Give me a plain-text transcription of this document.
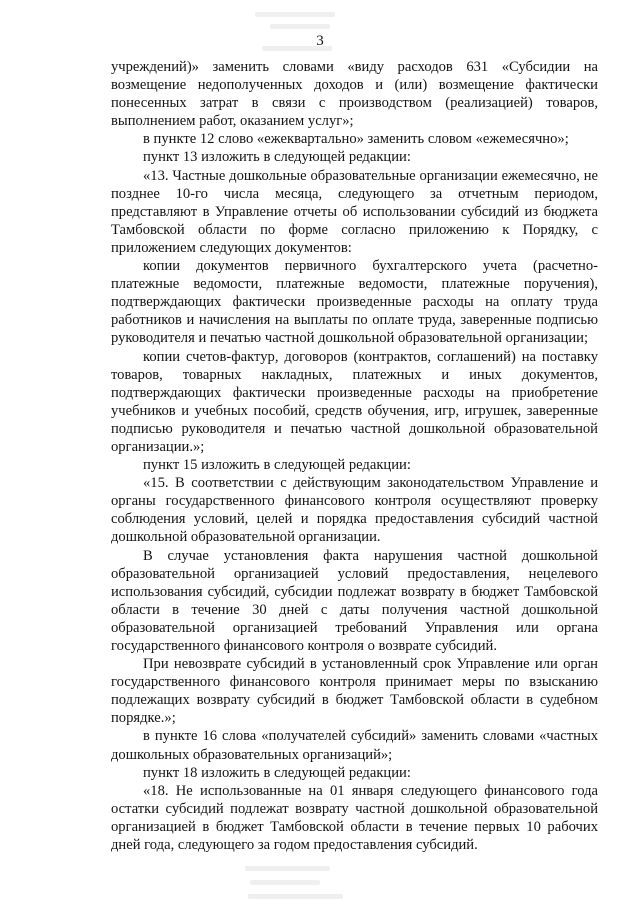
3

учреждений)» заменить словами «виду расходов 631 «Субсидии на возмещение недополученных доходов и (или) возмещение фактически понесенных затрат в связи с производством (реализацией) товаров, выполнением работ, оказанием услуг»;

в пункте 12 слово «ежеквартально» заменить словом «ежемесячно»;

пункт 13 изложить в следующей редакции:

«13. Частные дошкольные образовательные организации ежемесячно, не позднее 10-го числа месяца, следующего за отчетным периодом, представляют в Управление отчеты об использовании субсидий из бюджета Тамбовской области по форме согласно приложению к Порядку, с приложением следующих документов:

копии документов первичного бухгалтерского учета (расчетно-платежные ведомости, платежные ведомости, платежные поручения), подтверждающих фактически произведенные расходы на оплату труда работников и начисления на выплаты по оплате труда, заверенные подписью руководителя и печатью частной дошкольной образовательной организации;

копии счетов-фактур, договоров (контрактов, соглашений) на поставку товаров, товарных накладных, платежных и иных документов, подтверждающих фактически произведенные расходы на приобретение учебников и учебных пособий, средств обучения, игр, игрушек, заверенные подписью руководителя и печатью частной дошкольной образовательной организации.»;

пункт 15 изложить в следующей редакции:

«15. В соответствии с действующим законодательством Управление и органы государственного финансового контроля осуществляют проверку соблюдения условий, целей и порядка предоставления субсидий частной дошкольной образовательной организации.

В случае установления факта нарушения частной дошкольной образовательной организацией условий предоставления, нецелевого использования субсидий, субсидии подлежат возврату в бюджет Тамбовской области в течение 30 дней с даты получения частной дошкольной образовательной организацией требований Управления или органа государственного финансового контроля о возврате субсидий.

При невозврате субсидий в установленный срок Управление или орган государственного финансового контроля принимает меры по взысканию подлежащих возврату субсидий в бюджет Тамбовской области в судебном порядке.»;

в пункте 16 слова «получателей субсидий» заменить словами «частных дошкольных образовательных организаций»;

пункт 18 изложить в следующей редакции:

«18. Не использованные на 01 января следующего финансового года остатки субсидий подлежат возврату частной дошкольной образовательной организацией в бюджет Тамбовской области в течение первых 10 рабочих дней года, следующего за годом предоставления субсидий.
